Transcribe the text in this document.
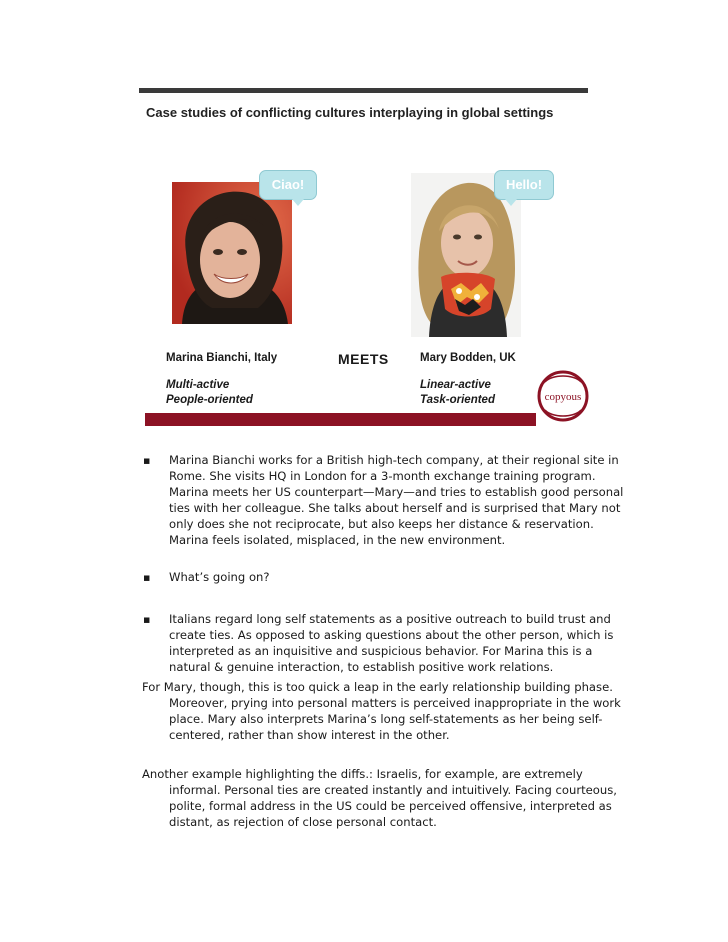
Case studies of conflicting cultures interplaying in global settings
Ciao!	Hello!
Marina Bianchi, Italy	MEETS	Mary Bodden, UK
Multi-active
People-oriented
Linear-active
Task-oriented	copyous
▪ Marina Bianchi works for a British high-tech company, at their regional site in
Rome. She visits HQ in London for a 3-month exchange training program.
Marina meets her US counterpart—Mary—and tries to establish good personal
ties with her colleague. She talks about herself and is surprised that Mary not
only does she not reciprocate, but also keeps her distance & reservation.
Marina feels isolated, misplaced, in the new environment.
▪ What’s going on?
▪ Italians regard long self statements as a positive outreach to build trust and
create ties. As opposed to asking questions about the other person, which is
interpreted as an inquisitive and suspicious behavior. For Marina this is a
natural & genuine interaction, to establish positive work relations.
For Mary, though, this is too quick a leap in the early relationship building phase.
Moreover, prying into personal matters is perceived inappropriate in the work
place. Mary also interprets Marina’s long self-statements as her being self-
centered, rather than show interest in the other.
Another example highlighting the diffs.: Israelis, for example, are extremely
informal. Personal ties are created instantly and intuitively. Facing courteous,
polite, formal address in the US could be perceived offensive, interpreted as
distant, as rejection of close personal contact.
